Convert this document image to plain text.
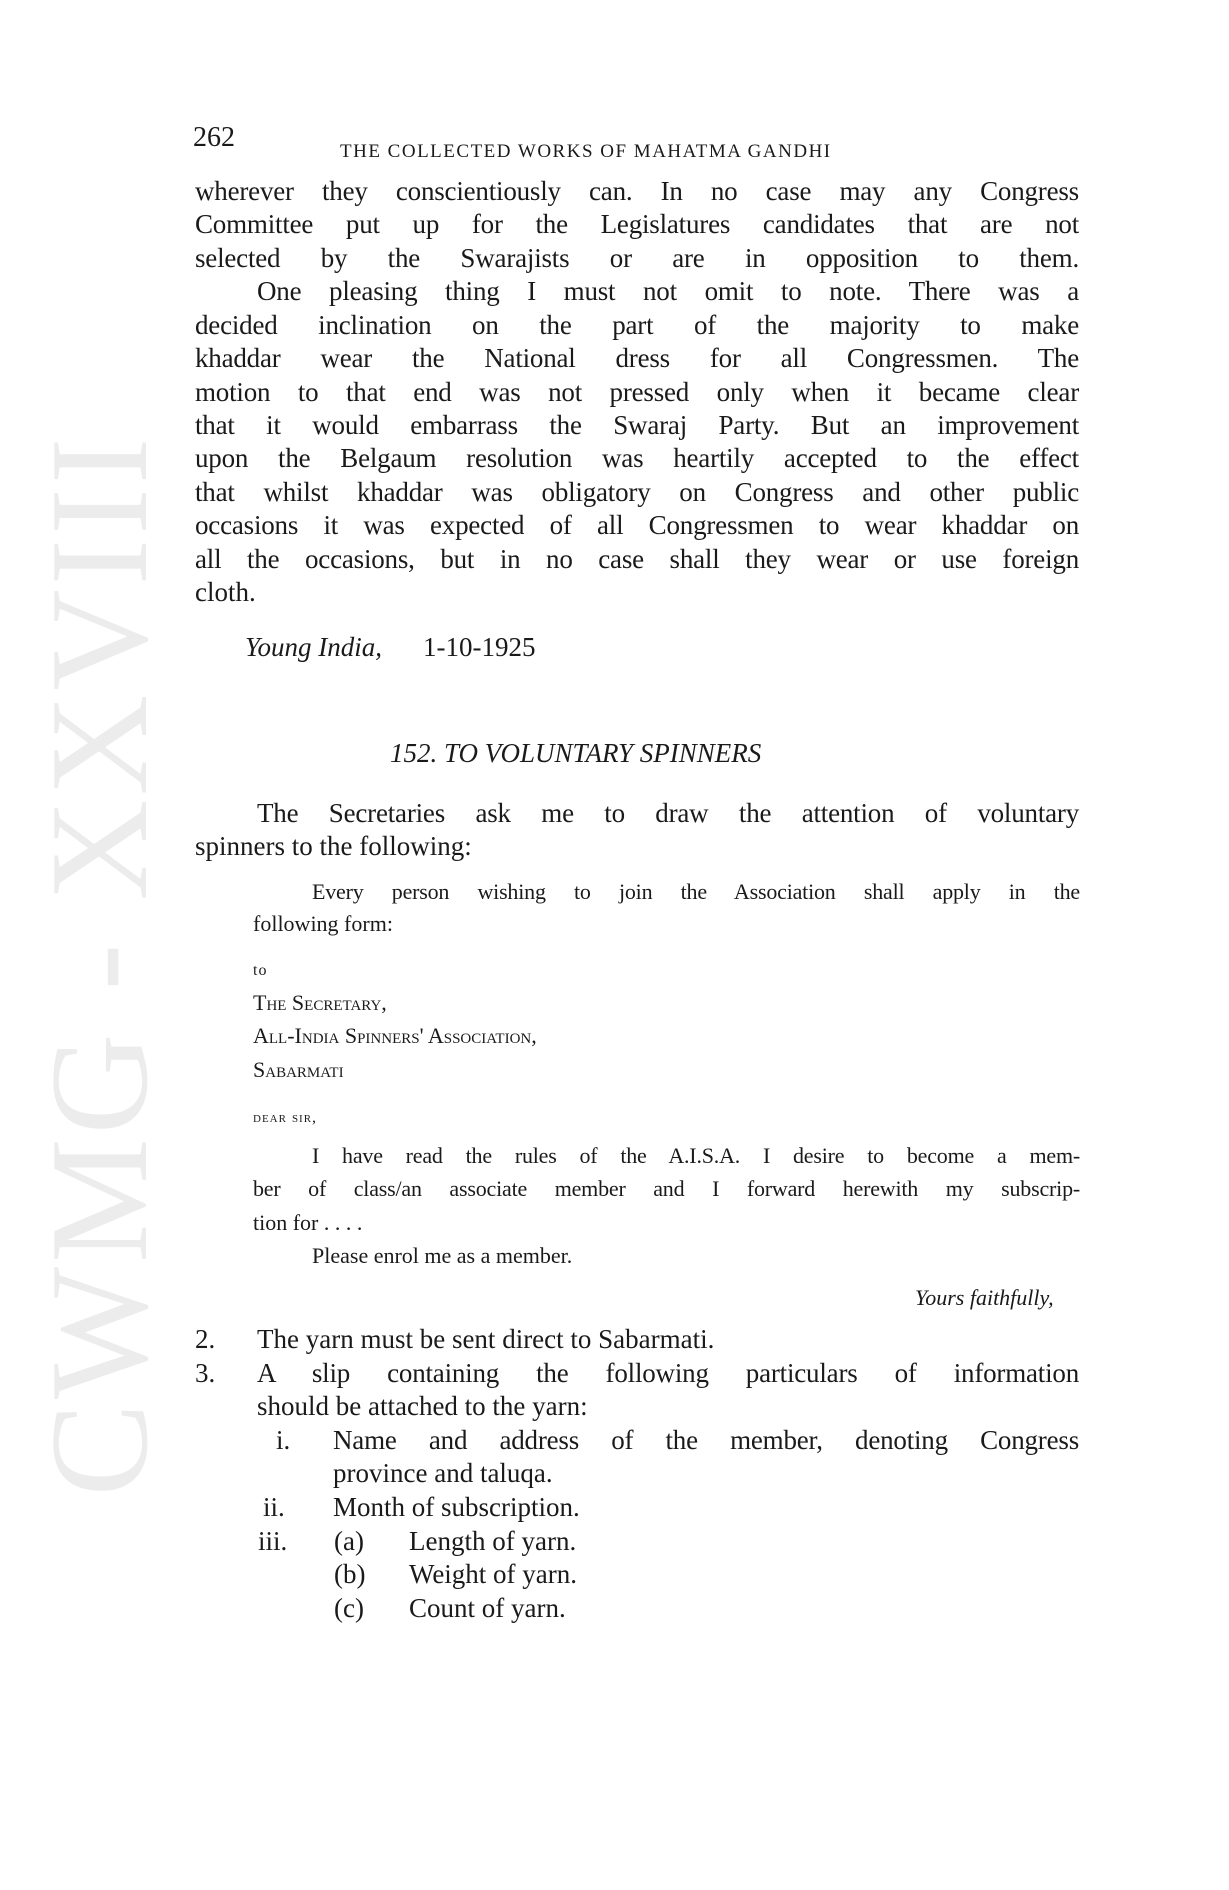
CWMG - XXVIII
262	THE COLLECTED WORKS OF MAHATMA GANDHI
wherever they conscientiously can. In no case may any Congress
Committee put up for the Legislatures candidates that are not
selected by the Swarajists or are in opposition to them.
One pleasing thing I must not omit to note. There was a
decided inclination on the part of the majority to make
khaddar wear the National dress for all Congressmen. The
motion to that end was not pressed only when it became clear
that it would embarrass the Swaraj Party. But an improvement
upon the Belgaum resolution was heartily accepted to the effect
that whilst khaddar was obligatory on Congress and other public
occasions it was expected of all Congressmen to wear khaddar on
all the occasions, but in no case shall they wear or use foreign
cloth.
Young India, 1-10-1925
152. TO VOLUNTARY SPINNERS
The Secretaries ask me to draw the attention of voluntary
spinners to the following:
Every person wishing to join the Association shall apply in the
following form:
to
The Secretary,
All-India Spinners' Association,
Sabarmati
dear sir,
I have read the rules of the A.I.S.A. I desire to become a mem-
ber of class/an associate member and I forward herewith my subscrip-
tion for . . . .
Please enrol me as a member.
Yours faithfully,
2. The yarn must be sent direct to Sabarmati.
3. A slip containing the following particulars of information
should be attached to the yarn:
i. Name and address of the member, denoting Congress
province and taluqa.
ii. Month of subscription.
iii. (a) Length of yarn.
(b) Weight of yarn.
(c) Count of yarn.
